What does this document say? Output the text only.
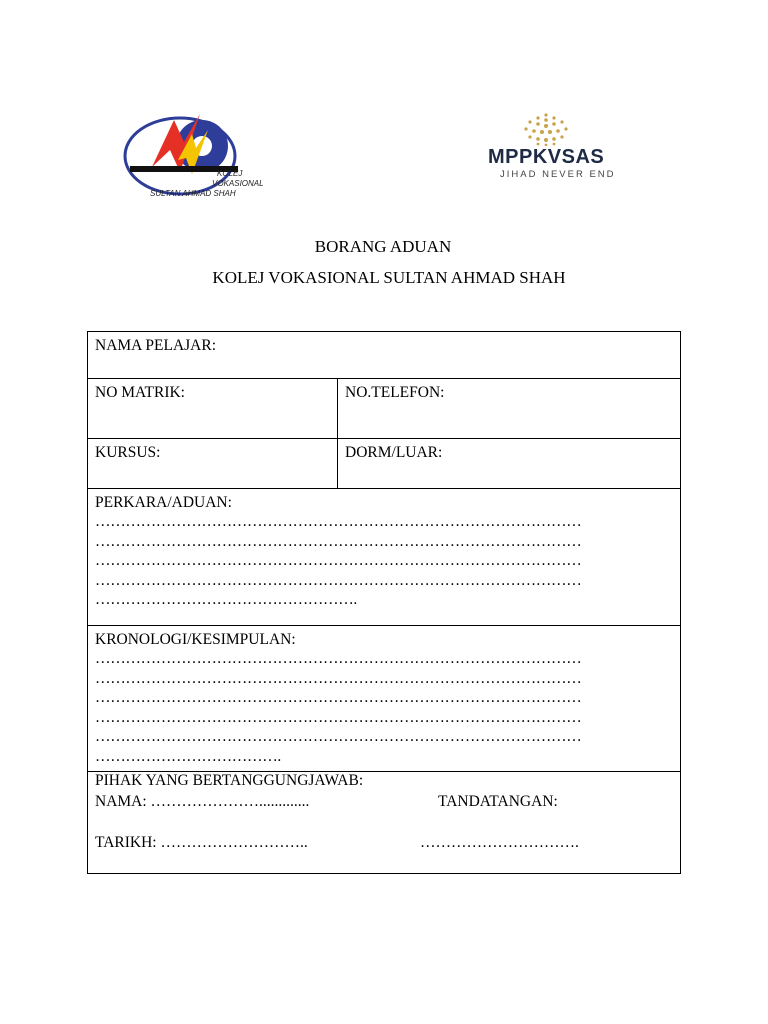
KOLEJ
VOKASIONAL
SULTAN AHMAD SHAH
MPPKVSAS
JIHAD NEVER END
BORANG ADUAN
KOLEJ VOKASIONAL SULTAN AHMAD SHAH
NAMA PELAJAR:
NO MATRIK:	NO.TELEFON:
KURSUS:	DORM/LUAR:
PERKARA/ADUAN:
……………………………………………………………………………………
……………………………………………………………………………………
……………………………………………………………………………………
……………………………………………………………………………………
…………………………………………….
KRONOLOGI/KESIMPULAN:
……………………………………………………………………………………
……………………………………………………………………………………
……………………………………………………………………………………
……………………………………………………………………………………
……………………………………………………………………………………
……………………………….
PIHAK YANG BERTANGGUNGJAWAB:
NAMA: ………………….............	TANDATANGAN:
TARIKH: ………………………..	………………………….
